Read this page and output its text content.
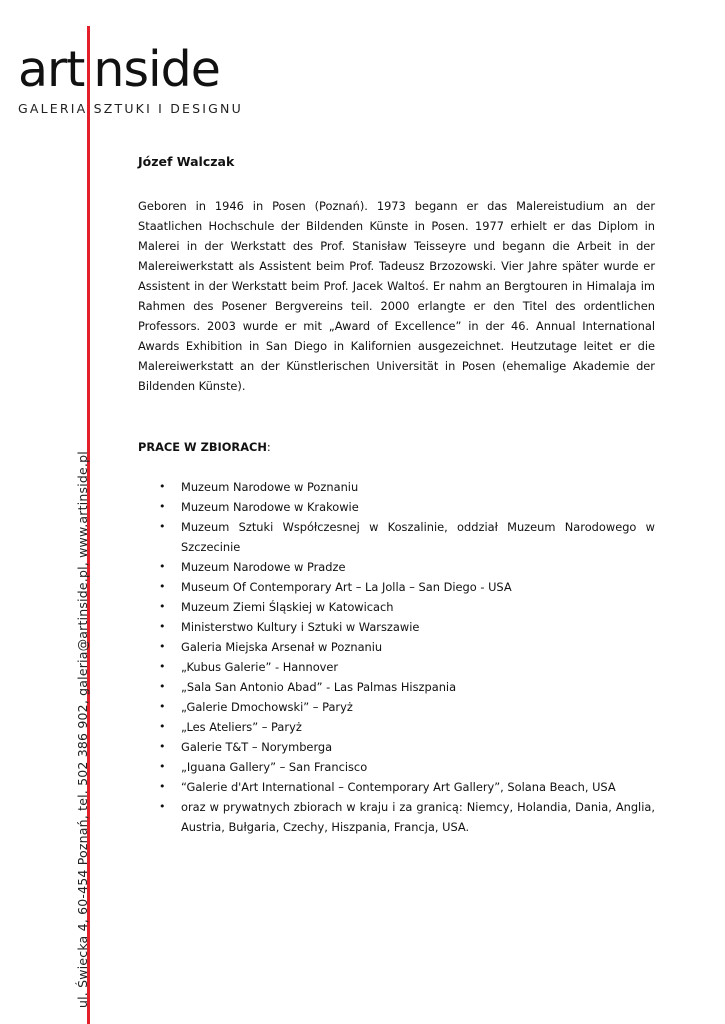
art nside
GALERIA SZTUKI I DESIGNU
ul. Świecka 4, 60-454 Poznań, tel. 502 386 902, galeria@artinside.pl, www.artinside.pl
Józef Walczak

Geboren in 1946 in Posen (Poznań). 1973 begann er das Malereistudium an der Staatlichen Hochschule der Bildenden Künste in Posen. 1977 erhielt er das Diplom in Malerei in der Werkstatt des Prof. Stanisław Teisseyre und begann die Arbeit in der Malereiwerkstatt als Assistent beim Prof. Tadeusz Brzozowski. Vier Jahre später wurde er Assistent in der Werkstatt beim Prof. Jacek Waltoś. Er nahm an Bergtouren in Himalaja im Rahmen des Posener Bergvereins teil. 2000 erlangte er den Titel des ordentlichen Professors. 2003 wurde er mit „Award of Excellence” in der 46. Annual International Awards Exhibition in San Diego in Kalifornien ausgezeichnet. Heutzutage leitet er die Malereiwerkstatt an der Künstlerischen Universität in Posen (ehemalige Akademie der Bildenden Künste).

PRACE W ZBIORACH:
• Muzeum Narodowe w Poznaniu
• Muzeum Narodowe w Krakowie
• Muzeum Sztuki Współczesnej w Koszalinie, oddział Muzeum Narodowego w Szczecinie
• Muzeum Narodowe w Pradze
• Museum Of Contemporary Art – La Jolla – San Diego - USA
• Muzeum Ziemi Śląskiej w Katowicach
• Ministerstwo Kultury i Sztuki w Warszawie
• Galeria Miejska Arsenał w Poznaniu
• „Kubus Galerie” - Hannover
• „Sala San Antonio Abad” - Las Palmas Hiszpania
• „Galerie Dmochowski” – Paryż
• „Les Ateliers” – Paryż
• Galerie T&T – Norymberga
• „Iguana Gallery” – San Francisco
• “Galerie d'Art International – Contemporary Art Gallery”, Solana Beach, USA
• oraz w prywatnych zbiorach w kraju i za granicą: Niemcy, Holandia, Dania, Anglia, Austria, Bułgaria, Czechy, Hiszpania, Francja, USA.
